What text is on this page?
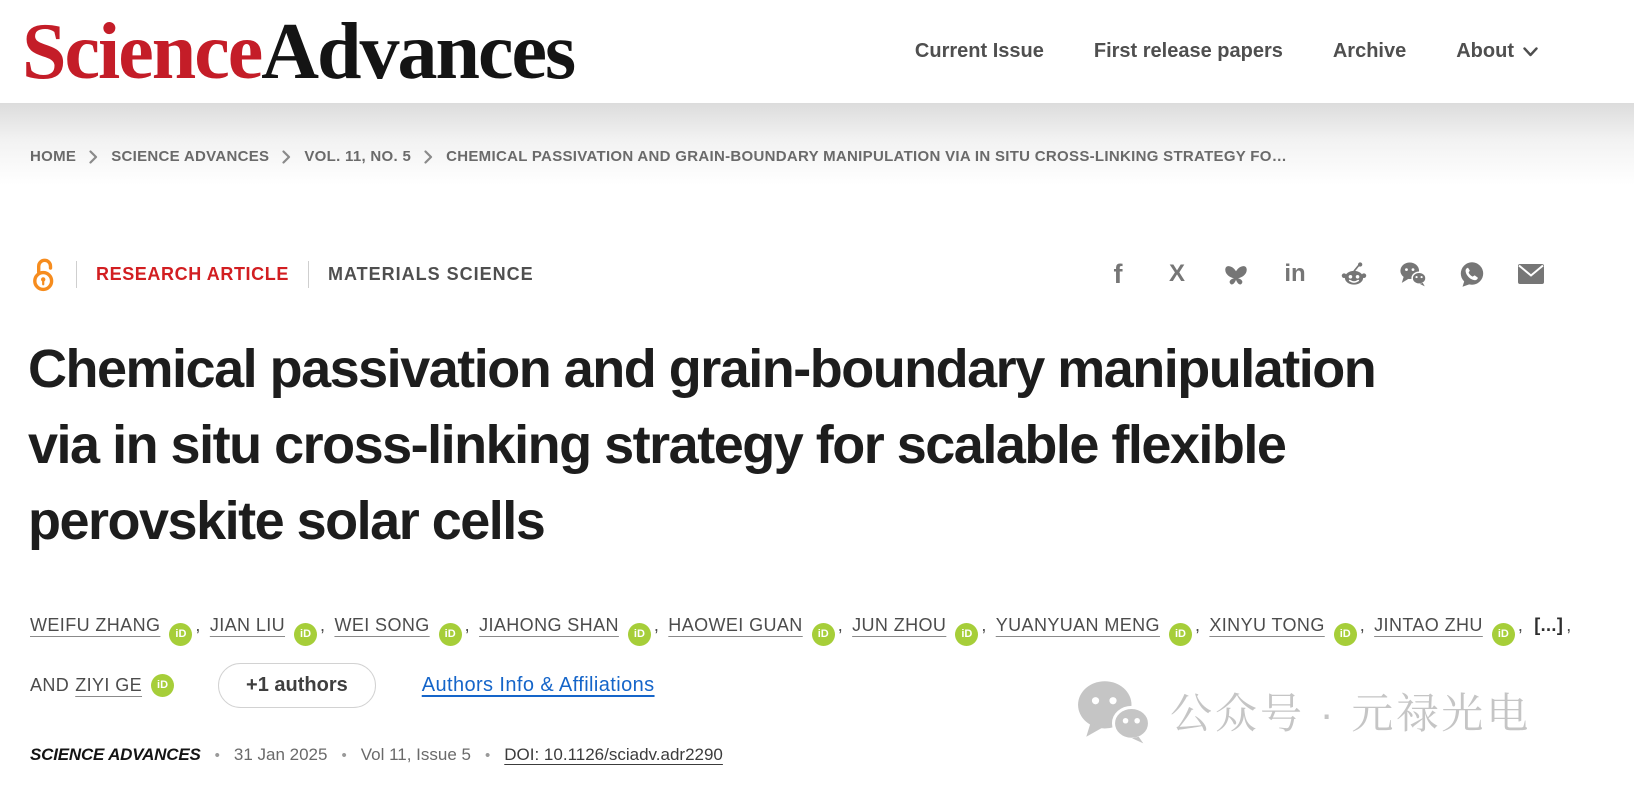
ScienceAdvances	Current Issue	First release papers	Archive	About
HOME SCIENCE ADVANCES VOL. 11, NO. 5 CHEMICAL PASSIVATION AND GRAIN-BOUNDARY MANIPULATION VIA IN SITU CROSS-LINKING STRATEGY FO…
RESEARCH ARTICLE MATERIALS SCIENCE	f X	in
Chemical passivation and grain-boundary manipulation
via in situ cross-linking strategy for scalable flexible
perovskite solar cells
WEIFU ZHANG iD , JIAN LIU iD , WEI SONG iD , JIAHONG SHAN iD , HAOWEI GUAN iD , JUN ZHOU iD , YUANYUAN MENG iD , XINYU TONG iD , JINTAO ZHU iD , [...] ,
AND ZIYI GE	iD	+1 authors	Authors Info & Affiliations
SCIENCE ADVANCES • 31 Jan 2025 • Vol 11, Issue 5 • DOI: 10.1126/sciadv.adr2290
公众号 · 元禄光电
